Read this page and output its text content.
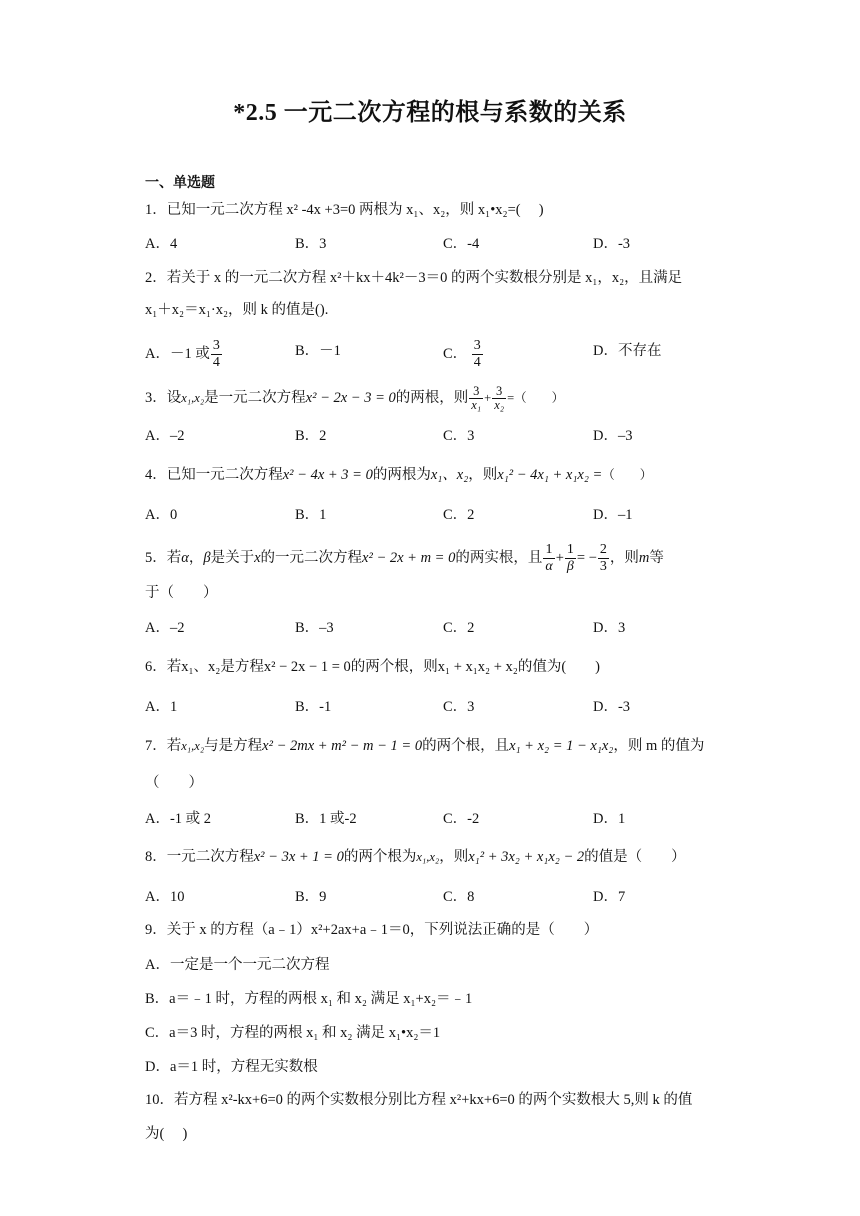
*2.5 一元二次方程的根与系数的关系
一、单选题
1．已知一元二次方程 x² -4x +3=0 两根为 x₁、x₂，则 x₁•x₂=(　 )
A．4	B．3	C．-4	D．-3
2．若关于 x 的一元二次方程 x²＋kx＋4k²－3＝0 的两个实数根分别是 x₁，x₂，且满足
x₁＋x₂＝x₁·x₂，则 k 的值是().
A．－1 或 $\frac{3}{4}$	B．－1	C． $\frac{3}{4}$	D．不存在
3．设x₁,x₂是一元二次方程x² − 2x − 3 = 0的两根，则 $\frac{3}{\text{x₁}} + \frac{3}{\text{x₂}}$ =（　　）
A．–2	B．2	C．3	D．–3
4．已知一元二次方程x² − 4x + 3 = 0的两根为x₁、x₂，则x₁² − 4x₁ + x₁x₂ =（　　）
A．0	B．1	C．2	D．–1
5．若α，β是关于x的一元二次方程x² − 2x + m = 0的两实根，且 $\frac{1}{\alpha} + \frac{1}{\beta}$ = − $\frac{2}{3}$ ，则m等
于（　　）
A．–2	B．–3	C．2	D．3
6．若x₁、x₂是方程x² − 2x − 1 = 0的两个根，则x₁ + x₁x₂ + x₂的值为(　　)
A．1	B．-1	C．3	D．-3
7．若x₁,x₂与是方程x² − 2mx + m² − m − 1 = 0的两个根，且x₁ + x₂ = 1 − x₁x₂，则 m 的值为
（　　）
A．-1 或 2	B．1 或-2	C．-2	D．1
8．一元二次方程x² − 3x + 1 = 0的两个根为x₁,x₂，则x₁² + 3x₂ + x₁x₂ − 2的值是（　　）
A．10	B．9	C．8	D．7
9．关于 x 的方程（a﹣1）x²+2ax+a﹣1＝0，下列说法正确的是（　　）
A．一定是一个一元二次方程
B．a＝﹣1 时，方程的两根 x₁ 和 x₂ 满足 x₁+x₂＝﹣1
C．a＝3 时，方程的两根 x₁ 和 x₂ 满足 x₁•x₂＝1
D．a＝1 时，方程无实数根
10．若方程 x²-kx+6=0 的两个实数根分别比方程 x²+kx+6=0 的两个实数根大 5,则 k 的值
为(　 )
